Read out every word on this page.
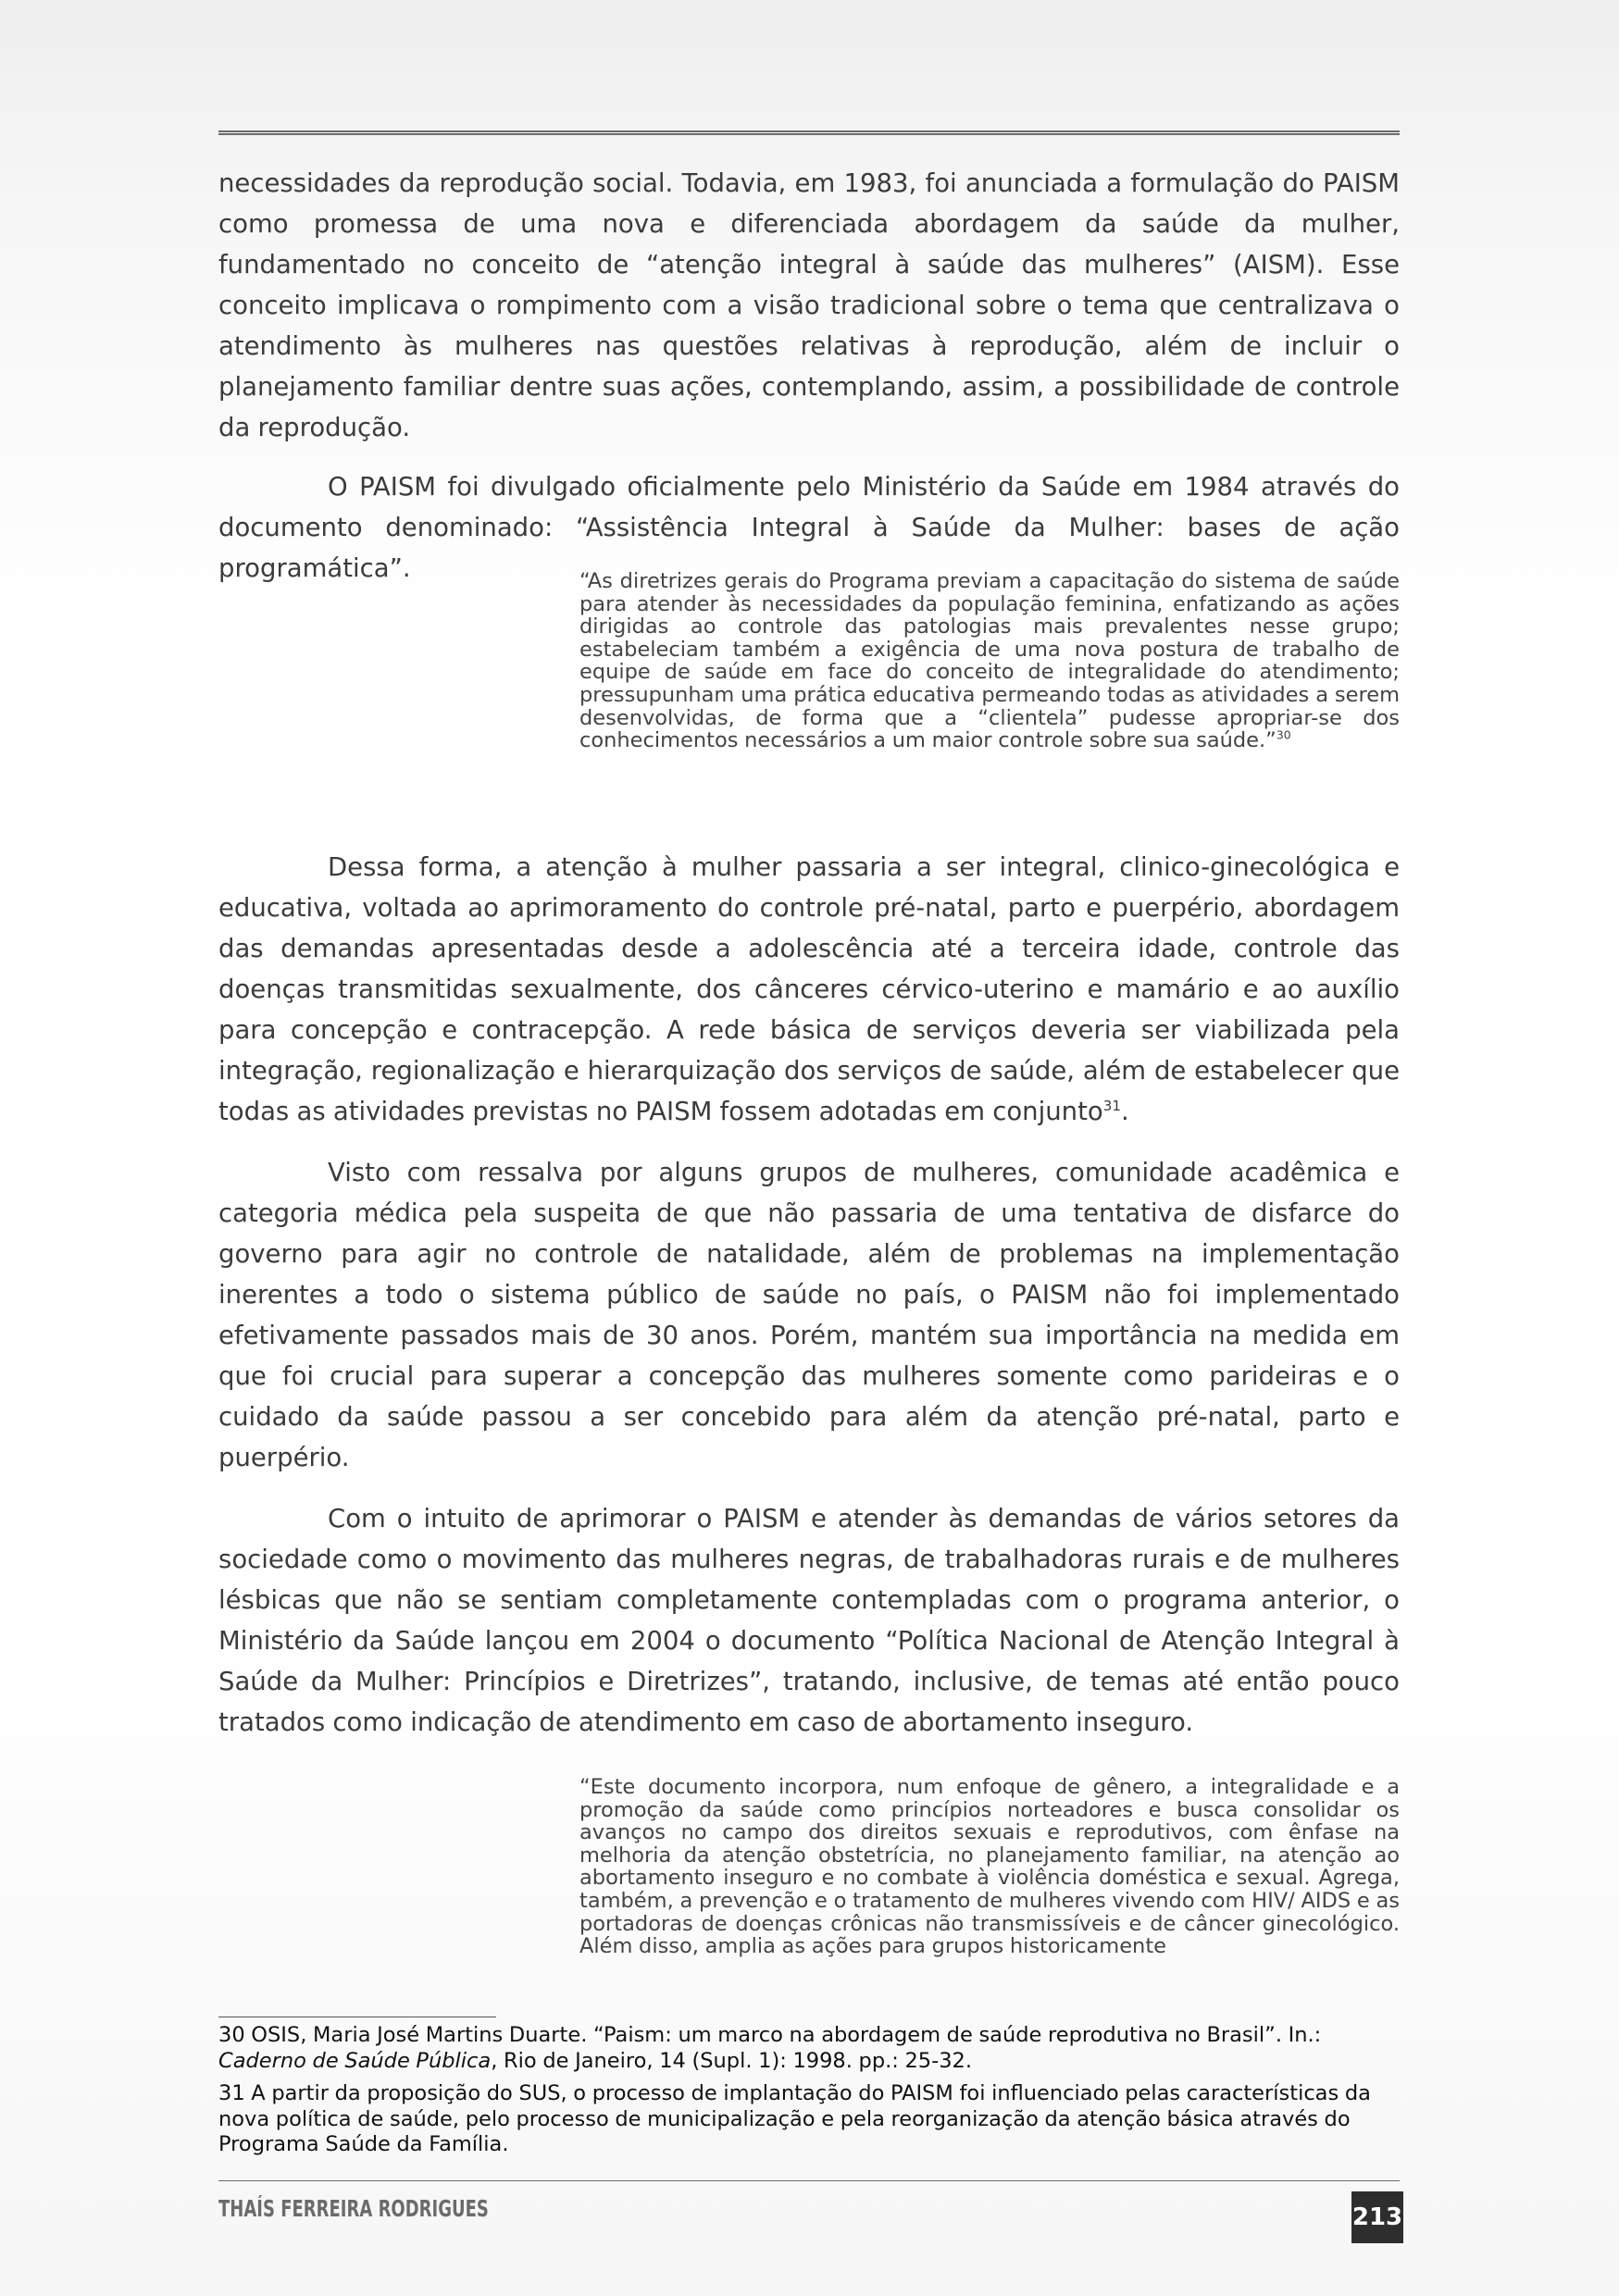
necessidades da reprodução social. Todavia, em 1983, foi anunciada a formulação do PAISM como promessa de uma nova e diferenciada abordagem da saúde da mulher, fundamentado no conceito de “atenção integral à saúde das mulheres” (AISM). Esse conceito implicava o rompimento com a visão tradicional sobre o tema que centralizava o atendimento às mulheres nas questões relativas à reprodução, além de incluir o planejamento familiar dentre suas ações, contemplando, assim, a possibilidade de controle da reprodução.

O PAISM foi divulgado oficialmente pelo Ministério da Saúde em 1984 através do documento denominado: “Assistência Integral à Saúde da Mulher: bases de ação programática”.	“As diretrizes gerais do Programa previam a capacitação do sistema de saúde para atender às necessidades da população feminina, enfatizando as ações dirigidas ao controle das patologias mais prevalentes nesse grupo; estabeleciam também a exigência de uma nova postura de trabalho de equipe de saúde em face do conceito de integralidade do atendimento; pressupunham uma prática educativa permeando todas as atividades a serem desenvolvidas, de forma que a “clientela” pudesse apropriar-se dos conhecimentos necessários a um maior controle sobre sua saúde.”$^{30}$

Dessa forma, a atenção à mulher passaria a ser integral, clinico-ginecológica e educativa, voltada ao aprimoramento do controle pré-natal, parto e puerpério, abordagem das demandas apresentadas desde a adolescência até a terceira idade, controle das doenças transmitidas sexualmente, dos cânceres cérvico-uterino e mamário e ao auxílio para concepção e contracepção. A rede básica de serviços deveria ser viabilizada pela integração, regionalização e hierarquização dos serviços de saúde, além de estabelecer que todas as atividades previstas no PAISM fossem adotadas em conjunto$^{31}$.

Visto com ressalva por alguns grupos de mulheres, comunidade acadêmica e categoria médica pela suspeita de que não passaria de uma tentativa de disfarce do governo para agir no controle de natalidade, além de problemas na implementação inerentes a todo o sistema público de saúde no país, o PAISM não foi implementado efetivamente passados mais de 30 anos. Porém, mantém sua importância na medida em que foi crucial para superar a concepção das mulheres somente como parideiras e o cuidado da saúde passou a ser concebido para além da atenção pré-natal, parto e puerpério.

Com o intuito de aprimorar o PAISM e atender às demandas de vários setores da sociedade como o movimento das mulheres negras, de trabalhadoras rurais e de mulheres lésbicas que não se sentiam completamente contempladas com o programa anterior, o Ministério da Saúde lançou em 2004 o documento “Política Nacional de Atenção Integral à Saúde da Mulher: Princípios e Diretrizes”, tratando, inclusive, de temas até então pouco tratados como indicação de atendimento em caso de abortamento inseguro.

“Este documento incorpora, num enfoque de gênero, a integralidade e a promoção da saúde como princípios norteadores e busca consolidar os avanços no campo dos direitos sexuais e reprodutivos, com ênfase na melhoria da atenção obstetrícia, no planejamento familiar, na atenção ao abortamento inseguro e no combate à violência doméstica e sexual. Agrega, também, a prevenção e o tratamento de mulheres vivendo com HIV/ AIDS e as portadoras de doenças crônicas não transmissíveis e de câncer ginecológico. Além disso, amplia as ações para grupos historicamente

30 OSIS, Maria José Martins Duarte. “Paism: um marco na abordagem de saúde reprodutiva no Brasil”. In.: Caderno de Saúde Pública, Rio de Janeiro, 14 (Supl. 1): 1998. pp.: 25-32.

31 A partir da proposição do SUS, o processo de implantação do PAISM foi influenciado pelas características da nova política de saúde, pelo processo de municipalização e pela reorganização da atenção básica através do Programa Saúde da Família.

THAÍS FERREIRA RODRIGUES	213
